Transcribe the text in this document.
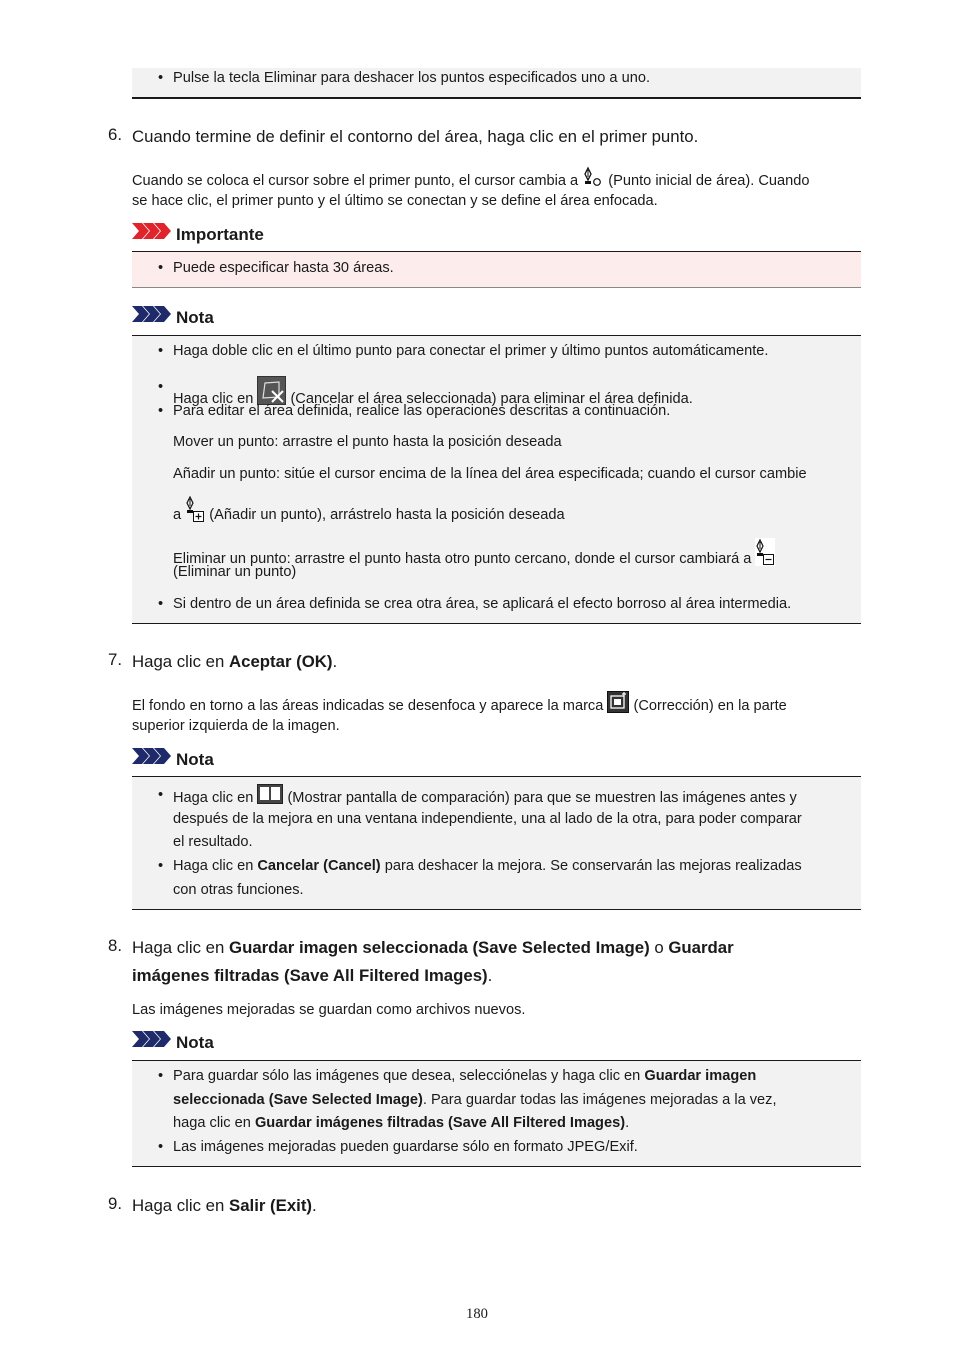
• Pulse la tecla Eliminar para deshacer los puntos especificados uno a uno.
6. Cuando termine de definir el contorno del área, haga clic en el primer punto.
Cuando se coloca el cursor sobre el primer punto, el cursor cambia a (Punto inicial de área). Cuando
se hace clic, el primer punto y el último se conectan y se define el área enfocada.
Importante
• Puede especificar hasta 30 áreas.
Nota
• Haga doble clic en el último punto para conectar el primer y último puntos automáticamente.
•
Haga clic en	(Cancelar el área seleccionada) para eliminar el área definida.
• Para editar el área definida, realice las operaciones descritas a continuación.
Mover un punto: arrastre el punto hasta la posición deseada
Añadir un punto: sitúe el cursor encima de la línea del área especificada; cuando el cursor cambie
a (Añadir un punto), arrástrelo hasta la posición deseada
Eliminar un punto: arrastre el punto hasta otro punto cercano, donde el cursor cambiará a
(Eliminar un punto)
• Si dentro de un área definida se crea otra área, se aplicará el efecto borroso al área intermedia.
7. Haga clic en Aceptar (OK).
El fondo en torno a las áreas indicadas se desenfoca y aparece la marca (Corrección) en la parte
superior izquierda de la imagen.
Nota
• Haga clic en (Mostrar pantalla de comparación) para que se muestren las imágenes antes y
después de la mejora en una ventana independiente, una al lado de la otra, para poder comparar
el resultado.
• Haga clic en Cancelar (Cancel) para deshacer la mejora. Se conservarán las mejoras realizadas
con otras funciones.
8. Haga clic en Guardar imagen seleccionada (Save Selected Image) o Guardar
imágenes filtradas (Save All Filtered Images).
Las imágenes mejoradas se guardan como archivos nuevos.
Nota
• Para guardar sólo las imágenes que desea, selecciónelas y haga clic en Guardar imagen
seleccionada (Save Selected Image). Para guardar todas las imágenes mejoradas a la vez,
haga clic en Guardar imágenes filtradas (Save All Filtered Images).
• Las imágenes mejoradas pueden guardarse sólo en formato JPEG/Exif.
9. Haga clic en Salir (Exit).
180
